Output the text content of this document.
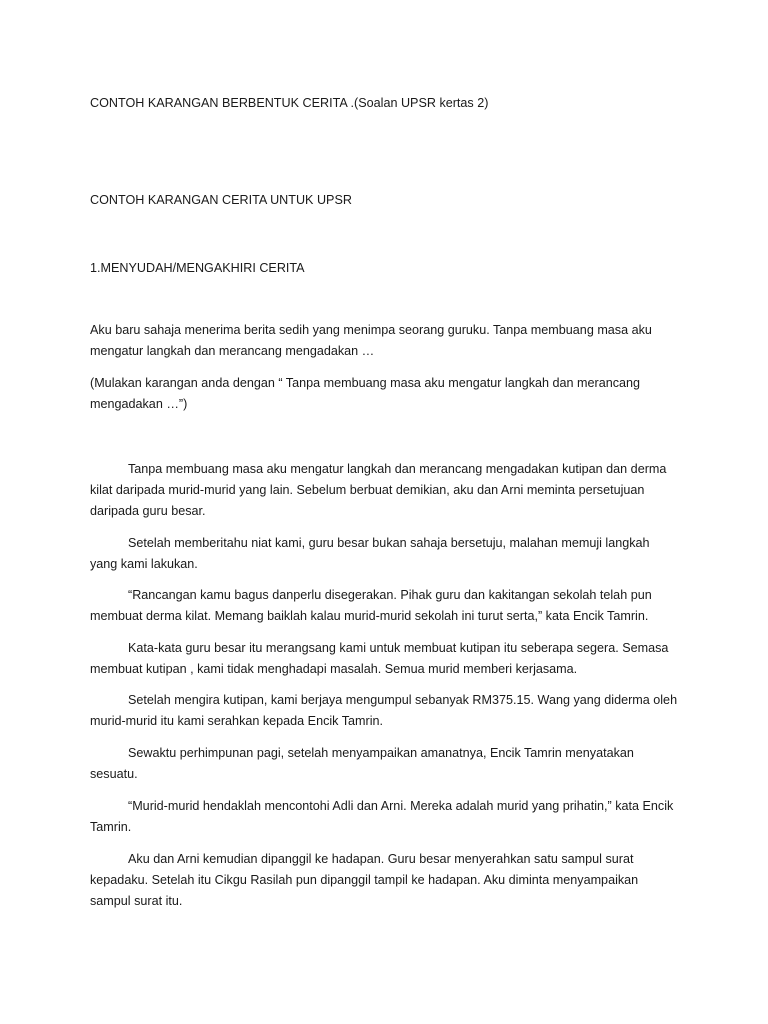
CONTOH KARANGAN BERBENTUK CERITA .(Soalan UPSR kertas 2)

CONTOH KARANGAN CERITA UNTUK UPSR

1.MENYUDAH/MENGAKHIRI CERITA

Aku baru sahaja menerima berita sedih yang menimpa seorang guruku. Tanpa membuang masa aku mengatur langkah dan merancang mengadakan …

(Mulakan karangan anda dengan “ Tanpa membuang masa aku mengatur langkah dan merancang mengadakan …”)

Tanpa membuang masa aku mengatur langkah dan merancang mengadakan kutipan dan derma kilat daripada murid-murid yang lain. Sebelum berbuat demikian, aku dan Arni meminta persetujuan daripada guru besar.

Setelah memberitahu niat kami, guru besar bukan sahaja bersetuju, malahan memuji langkah yang kami lakukan.

“Rancangan kamu bagus danperlu disegerakan. Pihak guru dan kakitangan sekolah telah pun membuat derma kilat. Memang baiklah kalau murid-murid sekolah ini turut serta,” kata Encik Tamrin.

Kata-kata guru besar itu merangsang kami untuk membuat kutipan itu seberapa segera. Semasa membuat kutipan , kami tidak menghadapi masalah. Semua murid memberi kerjasama.

Setelah mengira kutipan, kami berjaya mengumpul sebanyak RM375.15. Wang yang diderma oleh murid-murid itu kami serahkan kepada Encik Tamrin.

Sewaktu perhimpunan pagi, setelah menyampaikan amanatnya, Encik Tamrin menyatakan sesuatu.

“Murid-murid hendaklah mencontohi Adli dan Arni. Mereka adalah murid yang prihatin,” kata Encik Tamrin.

Aku dan Arni kemudian dipanggil ke hadapan. Guru besar menyerahkan satu sampul surat kepadaku. Setelah itu Cikgu Rasilah pun dipanggil tampil ke hadapan. Aku diminta menyampaikan sampul surat itu.
